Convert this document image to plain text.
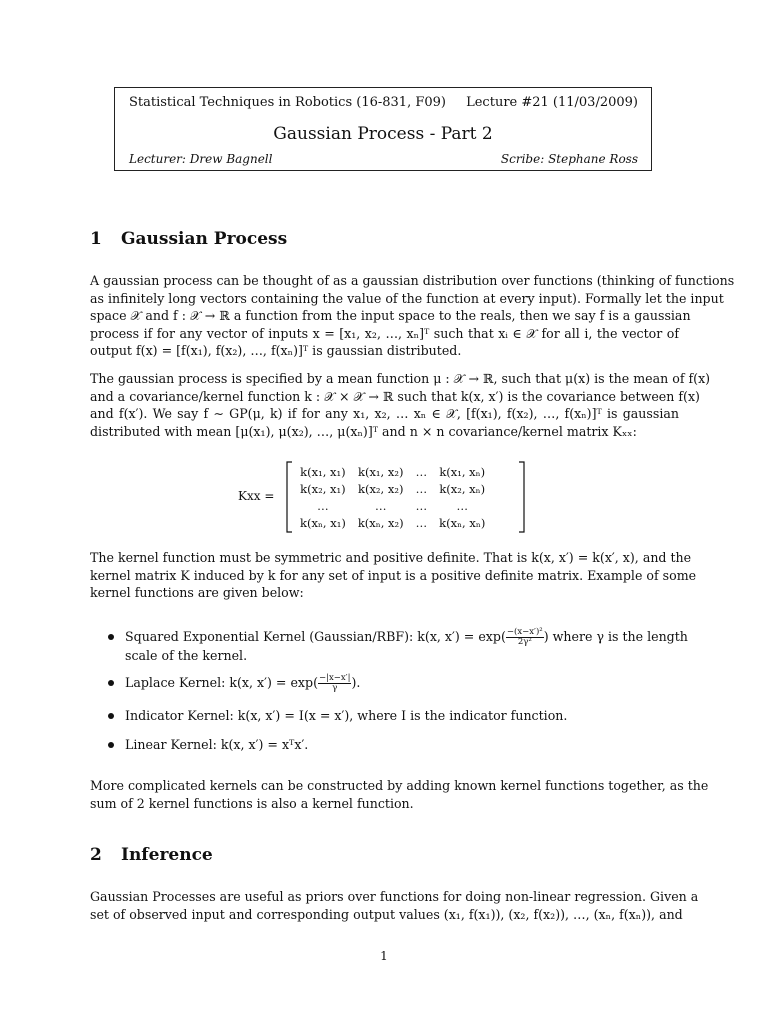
Statistical Techniques in Robotics (16-831, F09) Lecture #21 (11/03/2009)
Gaussian Process - Part 2
Lecturer: Drew Bagnell	Scribe: Stephane Ross
1 Gaussian Process
A gaussian process can be thought of as a gaussian distribution over functions (thinking of functions
as infinitely long vectors containing the value of the function at every input). Formally let the input
space 𝒳 and f : 𝒳 → ℝ a function from the input space to the reals, then we say f is a gaussian
process if for any vector of inputs x = [x₁, x₂, …, xₙ]ᵀ such that xᵢ ∈ 𝒳 for all i, the vector of
output f(x) = [f(x₁), f(x₂), …, f(xₙ)]ᵀ is gaussian distributed.
The gaussian process is specified by a mean function μ : 𝒳 → ℝ, such that μ(x) is the mean of f(x)
and a covariance/kernel function k : 𝒳 × 𝒳 → ℝ such that k(x, x′) is the covariance between f(x)
and f(x′). We say f ∼ GP(μ, k) if for any x₁, x₂, … xₙ ∈ 𝒳, [f(x₁), f(x₂), …, f(xₙ)]ᵀ is gaussian
distributed with mean [μ(x₁), μ(x₂), …, μ(xₙ)]ᵀ and n × n covariance/kernel matrix Kₓₓ:
Kxx =
k(x₁, x₁)	k(x₁, x₂)	…	k(x₁, xₙ)
k(x₂, x₁)	k(x₂, x₂)	…	k(x₂, xₙ)
…	…	…	…
k(xₙ, x₁)	k(xₙ, x₂)	…	k(xₙ, xₙ)
The kernel function must be symmetric and positive definite. That is k(x, x′) = k(x′, x), and the
kernel matrix K induced by k for any set of input is a positive definite matrix. Example of some
kernel functions are given below:
Squared Exponential Kernel (Gaussian/RBF): k(x, $x') = \exp( \frac{\text{−(x−x′)²}}{\text{2γ²}}$ ) where γ is the length
scale of the kernel.
Laplace Kernel: k(x, $x') = \exp( \frac{-|x-x'|}{\gamma}$ ).
Indicator Kernel: k(x, x′) = I(x = x′), where I is the indicator function.
Linear Kernel: k(x, x′) = xᵀx′.
More complicated kernels can be constructed by adding known kernel functions together, as the
sum of 2 kernel functions is also a kernel function.
2 Inference
Gaussian Processes are useful as priors over functions for doing non-linear regression. Given a
set of observed input and corresponding output values (x₁, f(x₁)), (x₂, f(x₂)), …, (xₙ, f(xₙ)), and
1
